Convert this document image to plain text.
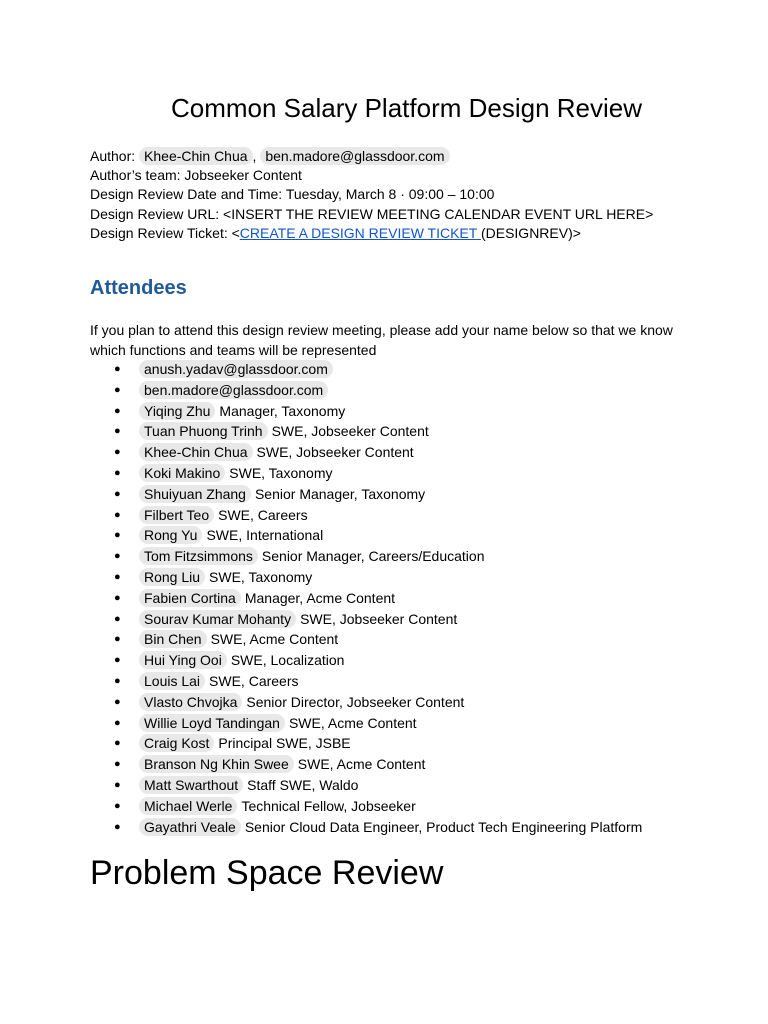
Common Salary Platform Design Review
Author: Khee-Chin Chua , ben.madore@glassdoor.com
Author’s team: Jobseeker Content
Design Review Date and Time: Tuesday, March 8 · 09:00 – 10:00
Design Review URL: <INSERT THE REVIEW MEETING CALENDAR EVENT URL HERE>
Design Review Ticket: <CREATE A DESIGN REVIEW TICKET (DESIGNREV)>
Attendees

If you plan to attend this design review meeting, please add your name below so that we know which functions and teams will be represented

● anush.yadav@glassdoor.com
● ben.madore@glassdoor.com
● Yiqing Zhu Manager, Taxonomy
● Tuan Phuong Trinh SWE, Jobseeker Content
● Khee-Chin Chua SWE, Jobseeker Content
● Koki Makino SWE, Taxonomy
● Shuiyuan Zhang Senior Manager, Taxonomy
● Filbert Teo SWE, Careers
● Rong Yu SWE, International
● Tom Fitzsimmons Senior Manager, Careers/Education
● Rong Liu SWE, Taxonomy
● Fabien Cortina Manager, Acme Content
● Sourav Kumar Mohanty SWE, Jobseeker Content
● Bin Chen SWE, Acme Content
● Hui Ying Ooi SWE, Localization
● Louis Lai SWE, Careers
● Vlasto Chvojka Senior Director, Jobseeker Content
● Willie Loyd Tandingan SWE, Acme Content
● Craig Kost Principal SWE, JSBE
● Branson Ng Khin Swee SWE, Acme Content
● Matt Swarthout Staff SWE, Waldo
● Michael Werle Technical Fellow, Jobseeker
● Gayathri Veale Senior Cloud Data Engineer, Product Tech Engineering Platform
Problem Space Review
